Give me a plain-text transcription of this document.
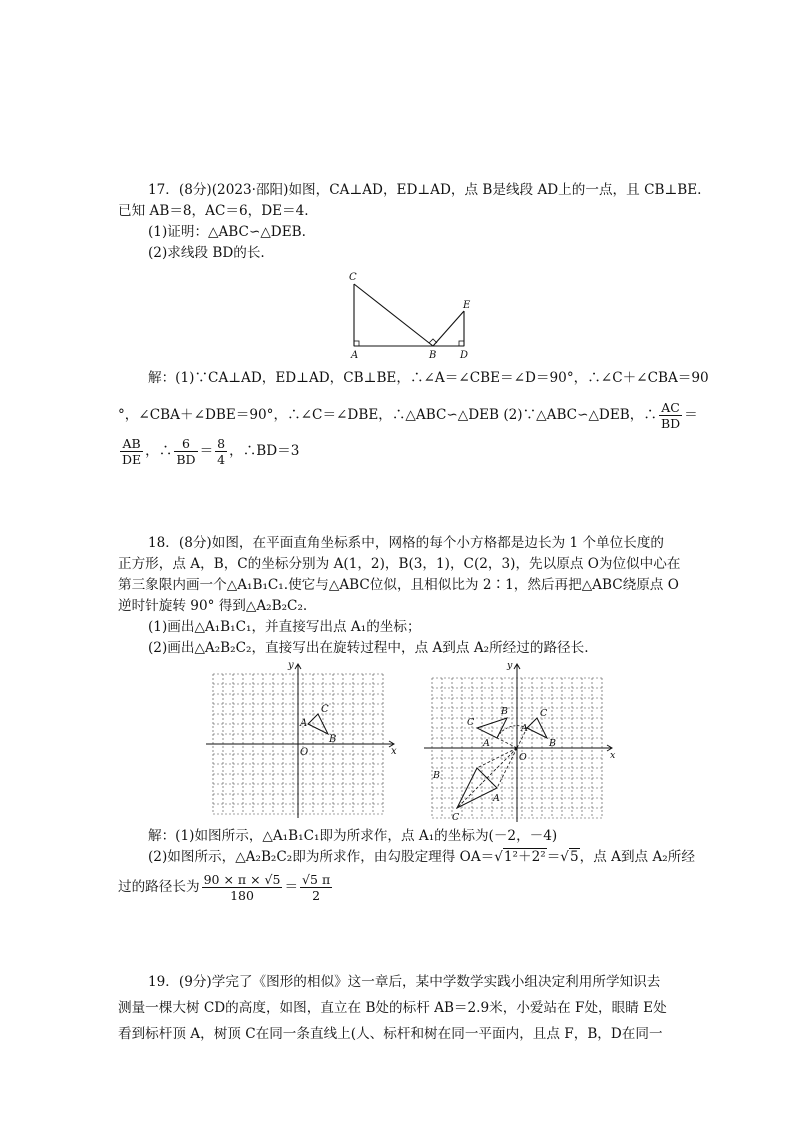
17．(8分)(2023·邵阳)如图，CA⊥AD，ED⊥AD，点 B是线段 AD上的一点，且 CB⊥BE.
已知 AB＝8，AC＝6，DE＝4.
(1)证明：△ABC∽△DEB.
(2)求线段 BD的长.
C
A	B D
E
解：(1)∵CA⊥AD，ED⊥AD，CB⊥BE，∴∠A＝∠CBE＝∠D＝90°，∴∠C＋∠CBA＝90
°，∠CBA＋∠DBE＝90°，∴∠C＝∠DBE，∴△ABC∽△DEB (2)∵△ABC∽△DEB，∴ $\frac{AC}{BD}$ ＝
$\frac{AB}{DE}$ ，∴ $\frac{6}{BD} = \frac{8}{4}$ ，∴BD＝3
18．(8分)如图，在平面直角坐标系中，网格的每个小方格都是边长为 1 个单位长度的
正方形，点 A，B，C的坐标分别为 A(1，2)，B(3，1)，C(2，3)，先以原点 O为位似中心在
第三象限内画一个△A₁B₁C₁.使它与△ABC位似，且相似比为 2∶1，然后再把△ABC绕原点 O
逆时针旋转 90° 得到△A₂B₂C₂.
(1)画出△A₁B₁C₁，并直接写出点 A₁的坐标；
(2)画出△A₂B₂C₂，直接写出在旋转过程中，点 A到点 A₂所经过的路径长.
x
y
O
A
B
C
x
y
O
A
B
C
C
B
A
B
A
C
解：(1)如图所示，△A₁B₁C₁即为所求作，点 A₁的坐标为(－2，－4)
(2)如图所示，△A₂B₂C₂即为所求作，由勾股定理得 OA＝√1²＋2²＝√5，点 A到点 A₂所经
过的路径长为 $\frac{90 \times \pi \times √5}{180} = \frac{√5 \pi}{2}$
19．(9分)学完了《图形的相似》这一章后，某中学数学实践小组决定利用所学知识去
测量一棵大树 CD的高度，如图，直立在 B处的标杆 AB＝2.9米，小爱站在 F处，眼睛 E处
看到标杆顶 A，树顶 C在同一条直线上(人、标杆和树在同一平面内，且点 F，B，D在同一
